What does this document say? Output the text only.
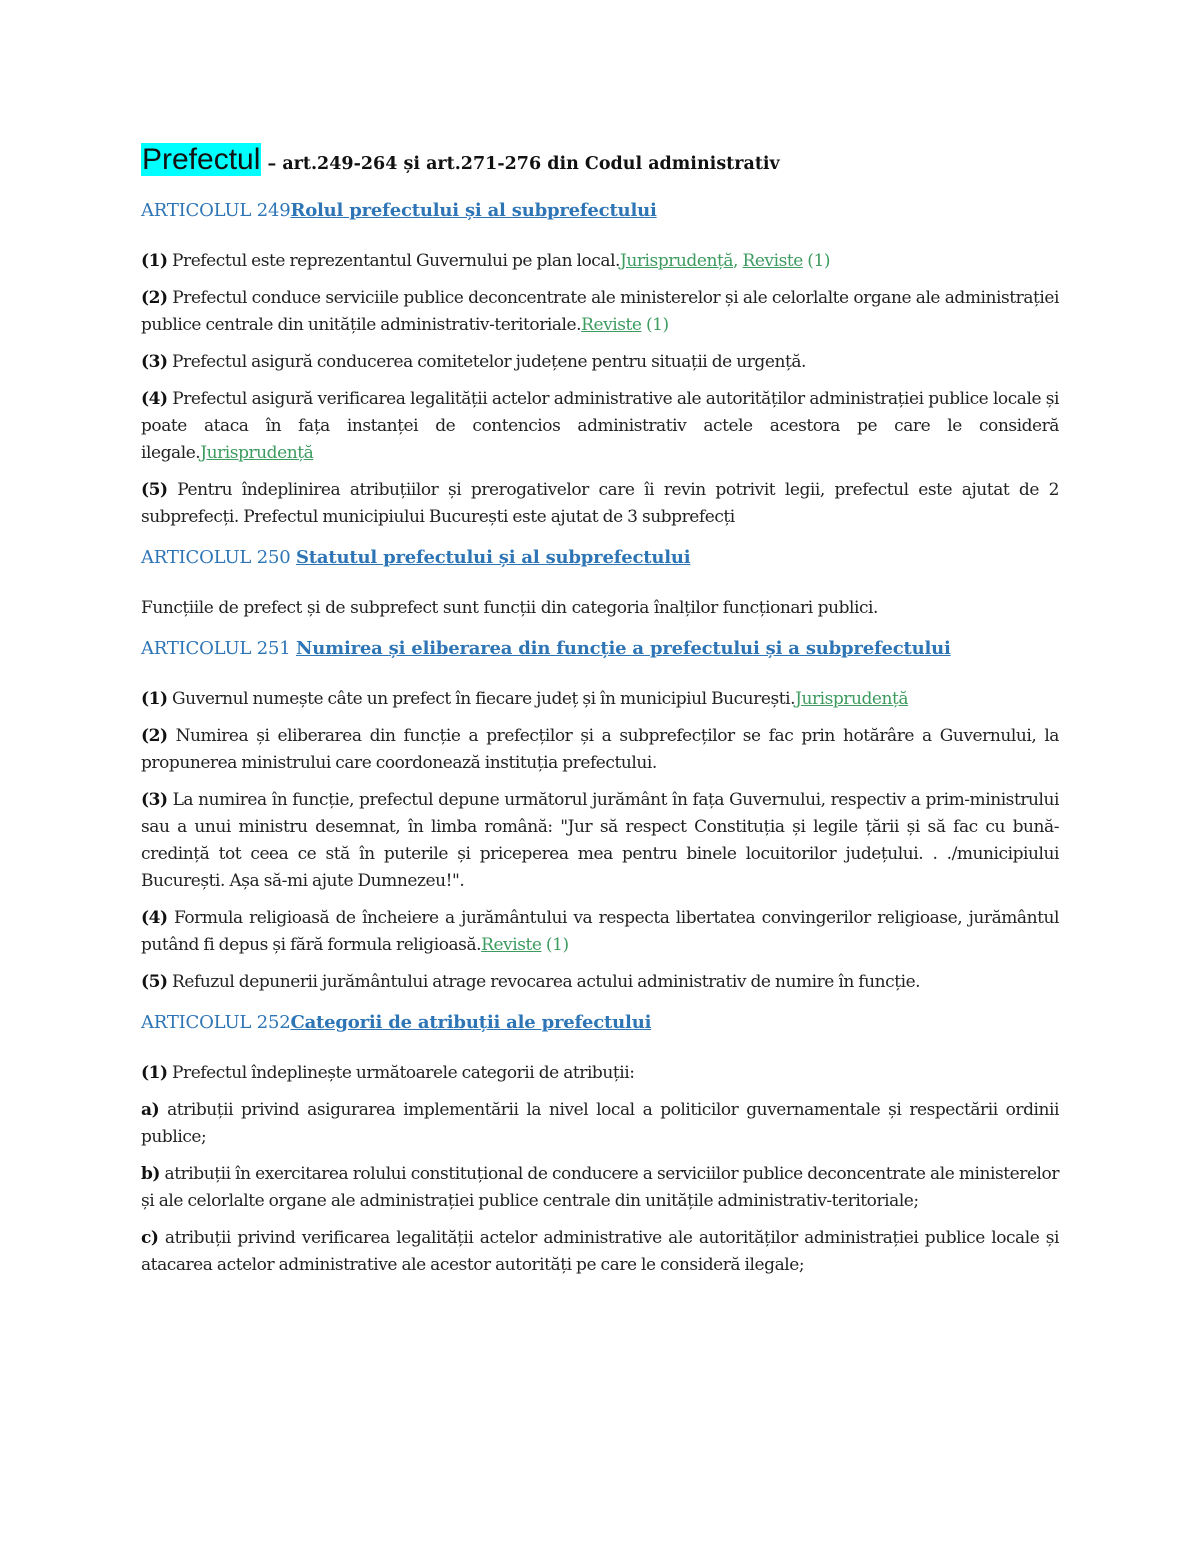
Prefectul – art.249-264 și art.271-276 din Codul administrativ
ARTICOLUL 249Rolul prefectului și al subprefectului
(1) Prefectul este reprezentantul Guvernului pe plan local.Jurisprudență, Reviste (1)
(2) Prefectul conduce serviciile publice deconcentrate ale ministerelor și ale celorlalte organe ale administrației publice centrale din unitățile administrativ-teritoriale.Reviste (1)
(3) Prefectul asigură conducerea comitetelor județene pentru situații de urgență.
(4) Prefectul asigură verificarea legalității actelor administrative ale autorităților administrației publice locale și poate ataca în fața instanței de contencios administrativ actele acestora pe care le consideră ilegale.Jurisprudență
(5) Pentru îndeplinirea atribuțiilor și prerogativelor care îi revin potrivit legii, prefectul este ajutat de 2 subprefecți. Prefectul municipiului București este ajutat de 3 subprefecți
ARTICOLUL 250 Statutul prefectului și al subprefectului
Funcțiile de prefect și de subprefect sunt funcții din categoria înalților funcționari publici.
ARTICOLUL 251 Numirea și eliberarea din funcție a prefectului și a subprefectului
(1) Guvernul numește câte un prefect în fiecare județ și în municipiul București.Jurisprudență
(2) Numirea și eliberarea din funcție a prefecților și a subprefecților se fac prin hotărâre a Guvernului, la propunerea ministrului care coordonează instituția prefectului.
(3) La numirea în funcție, prefectul depune următorul jurământ în fața Guvernului, respectiv a prim-ministrului sau a unui ministru desemnat, în limba română: "Jur să respect Constituția și legile țării și să fac cu bună-credință tot ceea ce stă în puterile și priceperea mea pentru binele locuitorilor județului. . ./municipiului București. Așa să-mi ajute Dumnezeu!".
(4) Formula religioasă de încheiere a jurământului va respecta libertatea convingerilor religioase, jurământul putând fi depus și fără formula religioasă.Reviste (1)
(5) Refuzul depunerii jurământului atrage revocarea actului administrativ de numire în funcție.
ARTICOLUL 252Categorii de atribuții ale prefectului
(1) Prefectul îndeplinește următoarele categorii de atribuții:
a) atribuții privind asigurarea implementării la nivel local a politicilor guvernamentale și respectării ordinii publice;
b) atribuții în exercitarea rolului constituțional de conducere a serviciilor publice deconcentrate ale ministerelor și ale celorlalte organe ale administrației publice centrale din unitățile administrativ-teritoriale;
c) atribuții privind verificarea legalității actelor administrative ale autorităților administrației publice locale și atacarea actelor administrative ale acestor autorități pe care le consideră ilegale;
